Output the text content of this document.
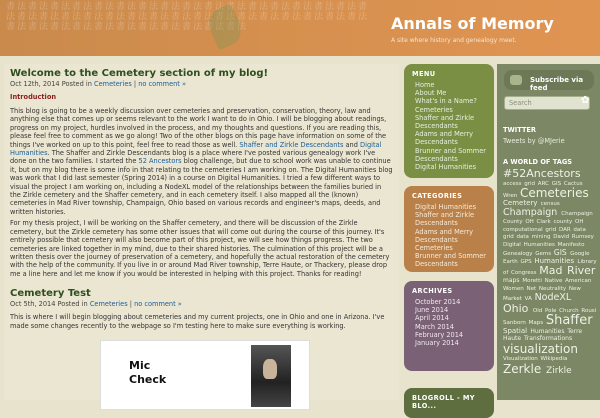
書法書法書法書法書法書法書法書法書法書法書法書法書法書法書法書法書法書法書法書法書法書法書法書法書法書法書法書法書法書法書法書法書法書法書法書法書法書法書法書法書法書法書法書法	Annals of Memory
A site where history and genealogy meet.
Welcome to the Cemetery section of my blog!
Oct 12th, 2014 Posted in Cemeteries | no comment »
Introduction

This blog is going to be a weekly discussion over cemeteries and preservation, conservation, theory, law and anything else that comes up or seems relevant to the work I want to do in Ohio. I will be blogging about readings, progress on my project, hurdles involved in the process, and my thoughts and questions. If you are reading this, please feel free to comment as we go along! Two of the other blogs on this page have information on some of the things I've worked on up to this point, feel free to read those as well. Shaffer and Zirkle Descendants and Digital Humanities. The Shaffer and Zirkle Descendants blog is a place where I've posted various genealogy work I've done on the two families. I started the 52 Ancestors blog challenge, but due to school work was unable to continue it, but on my blog there is some info in that relating to the cemeteries I am working on. The Digital Humanities blog was work that I did last semester (Spring 2014) in a course on Digital Humanities. I tried a few different ways to visual the project I am working on, including a NodeXL model of the relationships between the families buried in the Zirkle cemetery and the Shaffer cemetery, and in each cemetery itself. I also mapped all the (known) cemeteries in Mad River township, Champaign, Ohio based on various records and engineer's maps, deeds, and written histories.

For my thesis project, I will be working on the Shaffer cemetery, and there will be discussion of the Zirkle cemetery, but the Zirkle cemetery has some other issues that will come out during the course of this journey. It's entirely possible that cemetery will also become part of this project, we will see how things progress. The two cemeteries are linked together in my mind, due to their shared histories. The culmination of this project will be a written thesis over the journey of preservation of a cemetery, and hopefully the actual restoration of the cemetery with the help of the community. If you live in or around Mad River township, Terre Haute, or Thackery, please drop me a line here and let me know if you would be interested in helping with this project. Thanks for reading!

Cemetery Test
Oct 5th, 2014 Posted in Cemeteries | no comment »

This is where I will begin blogging about cemeteries and my current projects, one in Ohio and one in Arizona. I've made some changes recently to the webpage so I'm testing here to make sure everything is working.

Mic
Check
MENU
Home
About Me
What's in a Name?
Cemeteries
Shaffer and Zirkle Descendants
Adams and Merry Descendants
Brunner and Sommer Descendants
Digital Humanities
CATEGORIES
Digital Humanities
Shaffer and Zirkle Descendants
Adams and Merry Descendants
Cemeteries
Brunner and Sommer Descendants
ARCHIVES
October 2014
June 2014
April 2014
March 2014
February 2014
January 2014
BLOGROLL - MY BLO...
Subscribe via feed
Search	✿
TWITTER
Tweets by @MJerie
A WORLD OF TAGS
#52Ancestors access grid ARC GIS Cactus Wren Cemeteries Cemetery census Champaign Champaign County OH Clark county OH computational grid DAR data grid data mining David Rumsey Digital Humanities Manifesto Genealogy Gems GIS Google Earth GPS Humanities Library of Congress Mad River maps Moretti Native American Women Net Neutrality New Market VA NodeXL Ohio Old Pole Church Rousi Sanborn Maps Shaffer Spatial Humanities Terre Haute Transformations visualization Visualization Wikipedia Zerkle Zirkle
